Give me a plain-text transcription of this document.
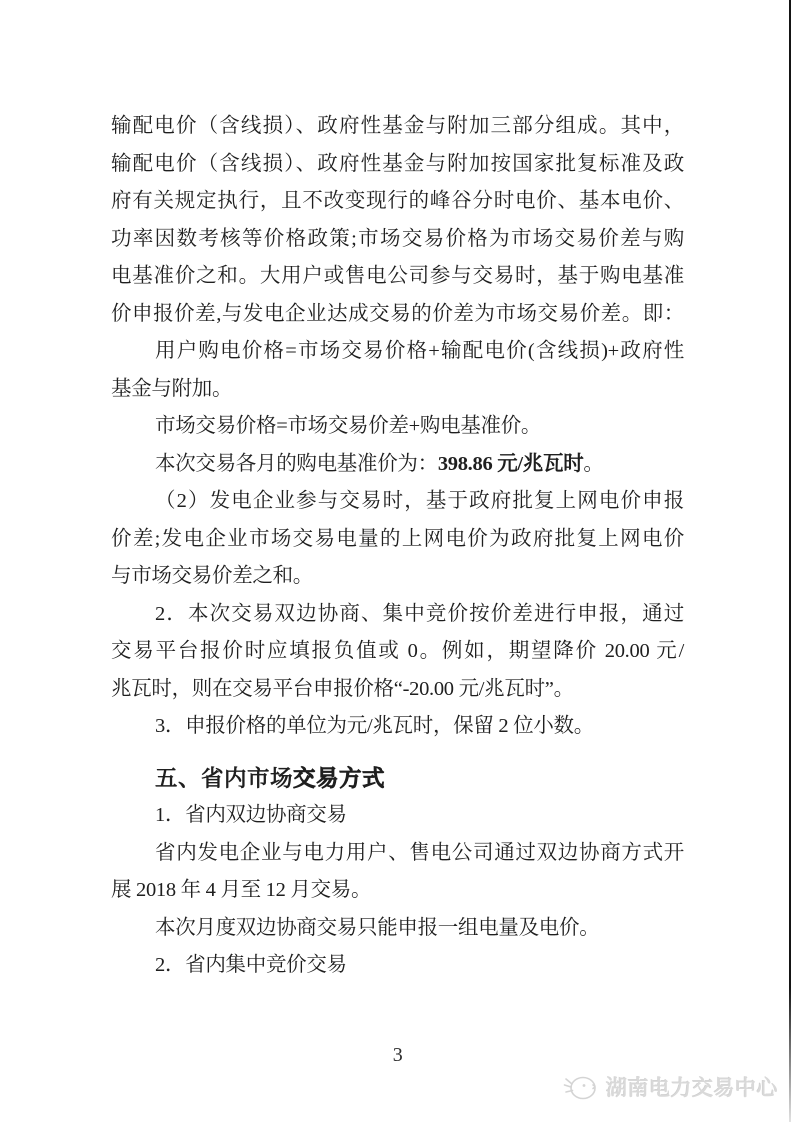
输配电价（含线损）、政府性基金与附加三部分组成。其中，
输配电价（含线损）、政府性基金与附加按国家批复标准及政
府有关规定执行，且不改变现行的峰谷分时电价、基本电价、
功率因数考核等价格政策;市场交易价格为市场交易价差与购
电基准价之和。大用户或售电公司参与交易时，基于购电基准
价申报价差,与发电企业达成交易的价差为市场交易价差。即：
用户购电价格=市场交易价格+输配电价(含线损)+政府性
基金与附加。
市场交易价格=市场交易价差+购电基准价。
本次交易各月的购电基准价为：398.86 元/兆瓦时。
（2）发电企业参与交易时，基于政府批复上网电价申报
价差;发电企业市场交易电量的上网电价为政府批复上网电价
与市场交易价差之和。
2．本次交易双边协商、集中竞价按价差进行申报，通过
交易平台报价时应填报负值或 0。例如，期望降价 20.00 元/
兆瓦时，则在交易平台申报价格“-20.00 元/兆瓦时”。
3．申报价格的单位为元/兆瓦时，保留 2 位小数。
五、省内市场交易方式
1．省内双边协商交易
省内发电企业与电力用户、售电公司通过双边协商方式开
展 2018 年 4 月至 12 月交易。
本次月度双边协商交易只能申报一组电量及电价。
2．省内集中竞价交易
3
湖南电力交易中心
